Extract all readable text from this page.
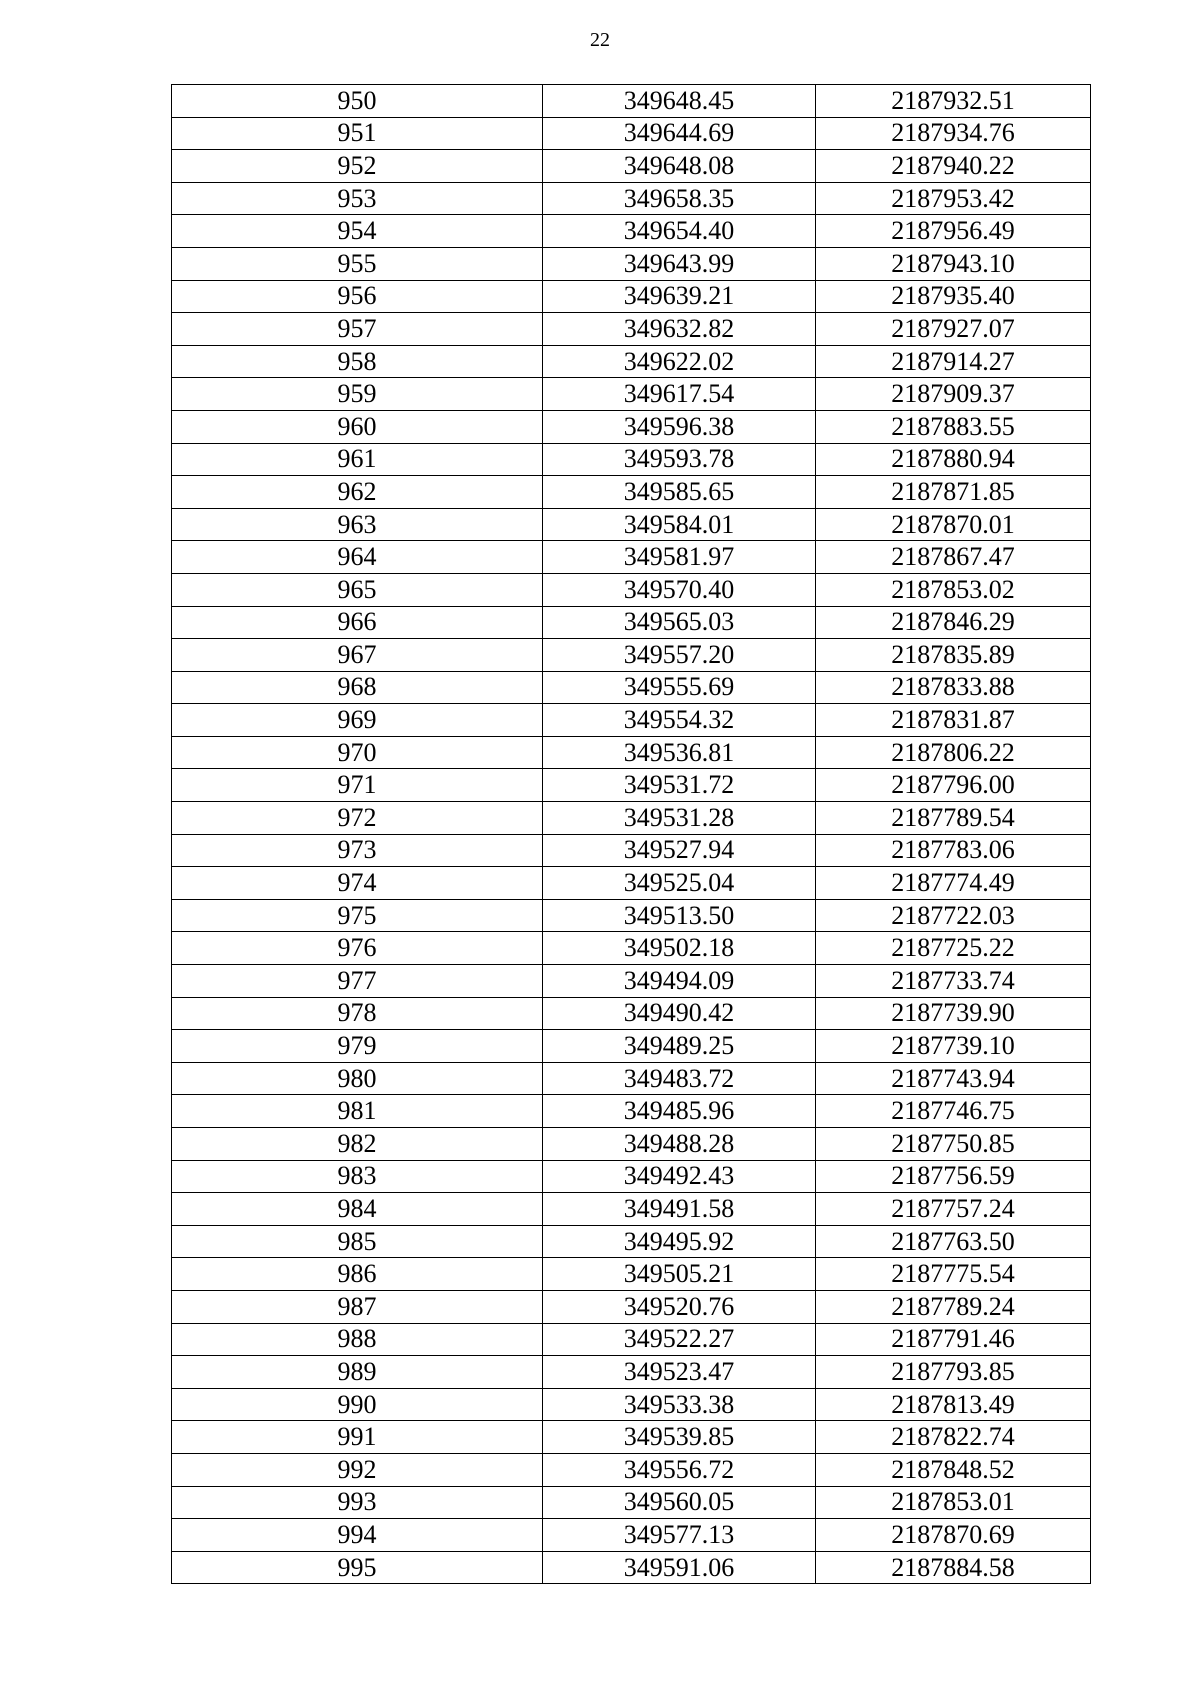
22
950	349648.45	2187932.51
951	349644.69	2187934.76
952	349648.08	2187940.22
953	349658.35	2187953.42
954	349654.40	2187956.49
955	349643.99	2187943.10
956	349639.21	2187935.40
957	349632.82	2187927.07
958	349622.02	2187914.27
959	349617.54	2187909.37
960	349596.38	2187883.55
961	349593.78	2187880.94
962	349585.65	2187871.85
963	349584.01	2187870.01
964	349581.97	2187867.47
965	349570.40	2187853.02
966	349565.03	2187846.29
967	349557.20	2187835.89
968	349555.69	2187833.88
969	349554.32	2187831.87
970	349536.81	2187806.22
971	349531.72	2187796.00
972	349531.28	2187789.54
973	349527.94	2187783.06
974	349525.04	2187774.49
975	349513.50	2187722.03
976	349502.18	2187725.22
977	349494.09	2187733.74
978	349490.42	2187739.90
979	349489.25	2187739.10
980	349483.72	2187743.94
981	349485.96	2187746.75
982	349488.28	2187750.85
983	349492.43	2187756.59
984	349491.58	2187757.24
985	349495.92	2187763.50
986	349505.21	2187775.54
987	349520.76	2187789.24
988	349522.27	2187791.46
989	349523.47	2187793.85
990	349533.38	2187813.49
991	349539.85	2187822.74
992	349556.72	2187848.52
993	349560.05	2187853.01
994	349577.13	2187870.69
995	349591.06	2187884.58
